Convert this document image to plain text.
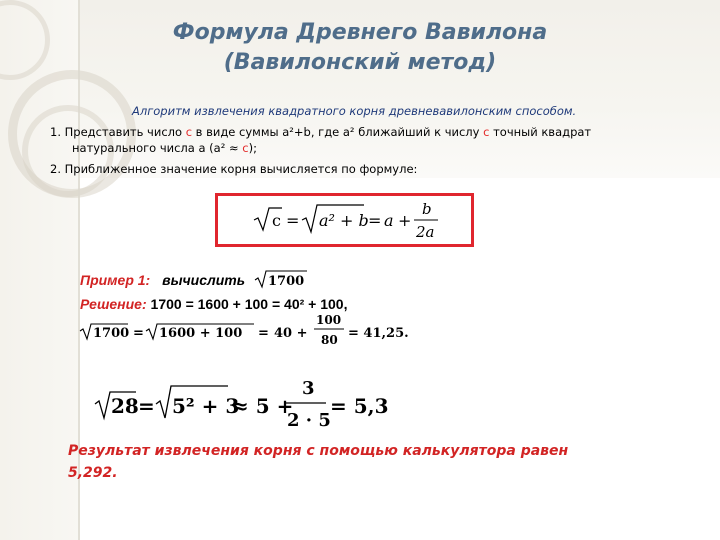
Формула Древнего Вавилона
(Вавилонский метод)
Алгоритм извлечения квадратного корня древневавилонским способом.
1. Представить число с в виде суммы а²+b, где а² ближайший к числу с точный квадрат
натурального числа а (а² ≈ с);
2. Приближенное значение корня вычисляется по формуле:
c = a² + b = a +
b
2a
Пример 1: вычислить 1700
Решение: 1700 = 1600 + 100 = 40² + 100,
1700 = 1600 + 100 = 40 +
100
80 = 41,25.
28 = 5² + 3
≈ 5 +
3
2 · 5
= 5,3
Результат извлечения корня с помощью калькулятора равен 5,292.
